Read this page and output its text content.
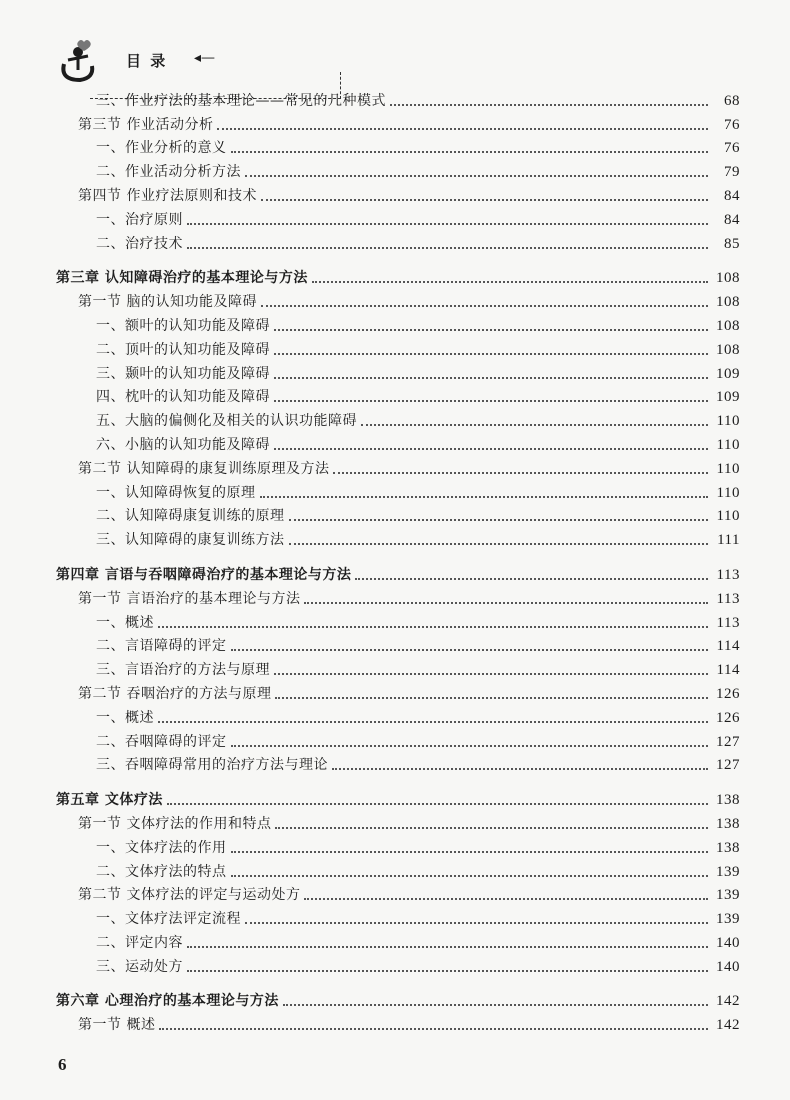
目 录 ◂—
三、作业疗法的基本理论——常见的几种模式	68
第三节 作业活动分析	76
一、作业分析的意义	76
二、作业活动分析方法	79
第四节 作业疗法原则和技术	84
一、治疗原则	84
二、治疗技术	85
第三章 认知障碍治疗的基本理论与方法	108
第一节 脑的认知功能及障碍	108
一、额叶的认知功能及障碍	108
二、顶叶的认知功能及障碍	108
三、颞叶的认知功能及障碍	109
四、枕叶的认知功能及障碍	109
五、大脑的偏侧化及相关的认识功能障碍	110
六、小脑的认知功能及障碍	110
第二节 认知障碍的康复训练原理及方法	110
一、认知障碍恢复的原理	110
二、认知障碍康复训练的原理	110
三、认知障碍的康复训练方法	111
第四章 言语与吞咽障碍治疗的基本理论与方法	113
第一节 言语治疗的基本理论与方法	113
一、概述	113
二、言语障碍的评定	114
三、言语治疗的方法与原理	114
第二节 吞咽治疗的方法与原理	126
一、概述	126
二、吞咽障碍的评定	127
三、吞咽障碍常用的治疗方法与理论	127
第五章 文体疗法	138
第一节 文体疗法的作用和特点	138
一、文体疗法的作用	138
二、文体疗法的特点	139
第二节 文体疗法的评定与运动处方	139
一、文体疗法评定流程	139
二、评定内容	140
三、运动处方	140
第六章 心理治疗的基本理论与方法	142
第一节 概述	142
6
